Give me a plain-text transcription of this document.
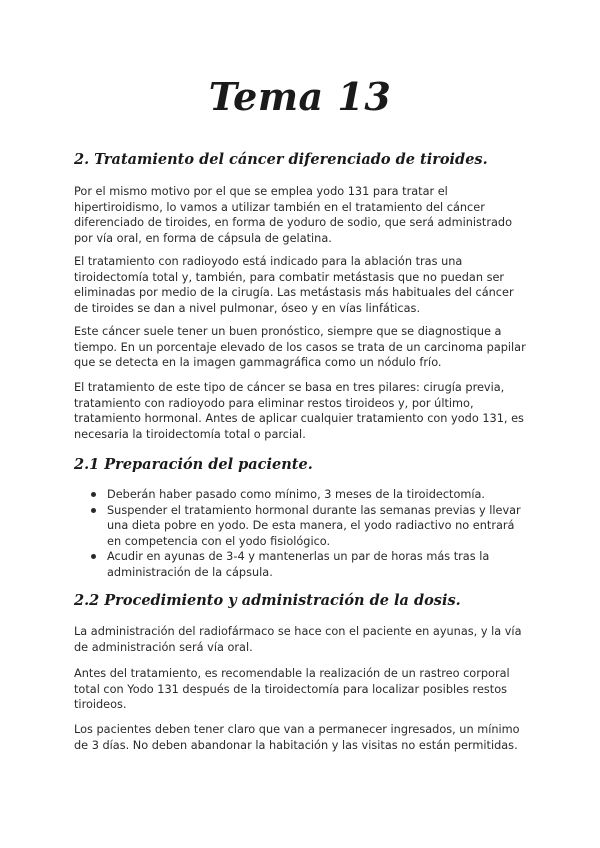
Tema 13
2. Tratamiento del cáncer diferenciado de tiroides.

Por el mismo motivo por el que se emplea yodo 131 para tratar el hipertiroidismo, lo vamos a utilizar también en el tratamiento del cáncer diferenciado de tiroides, en forma de yoduro de sodio, que será administrado por vía oral, en forma de cápsula de gelatina.

El tratamiento con radioyodo está indicado para la ablación tras una tiroidectomía total y, también, para combatir metástasis que no puedan ser eliminadas por medio de la cirugía. Las metástasis más habituales del cáncer de tiroides se dan a nivel pulmonar, óseo y en vías linfáticas.

Este cáncer suele tener un buen pronóstico, siempre que se diagnostique a tiempo. En un porcentaje elevado de los casos se trata de un carcinoma papilar que se detecta en la imagen gammagráfica como un nódulo frío.

El tratamiento de este tipo de cáncer se basa en tres pilares: cirugía previa, tratamiento con radioyodo para eliminar restos tiroideos y, por último, tratamiento hormonal. Antes de aplicar cualquier tratamiento con yodo 131, es necesaria la tiroidectomía total o parcial.

2.1 Preparación del paciente.
Deberán haber pasado como mínimo, 3 meses de la tiroidectomía.
Suspender el tratamiento hormonal durante las semanas previas y llevar una dieta pobre en yodo. De esta manera, el yodo radiactivo no entrará en competencia con el yodo fisiológico.
Acudir en ayunas de 3-4 y mantenerlas un par de horas más tras la administración de la cápsula.
2.2 Procedimiento y administración de la dosis.

La administración del radiofármaco se hace con el paciente en ayunas, y la vía de administración será vía oral.

Antes del tratamiento, es recomendable la realización de un rastreo corporal total con Yodo 131 después de la tiroidectomía para localizar posibles restos tiroideos.

Los pacientes deben tener claro que van a permanecer ingresados, un mínimo de 3 días. No deben abandonar la habitación y las visitas no están permitidas.
